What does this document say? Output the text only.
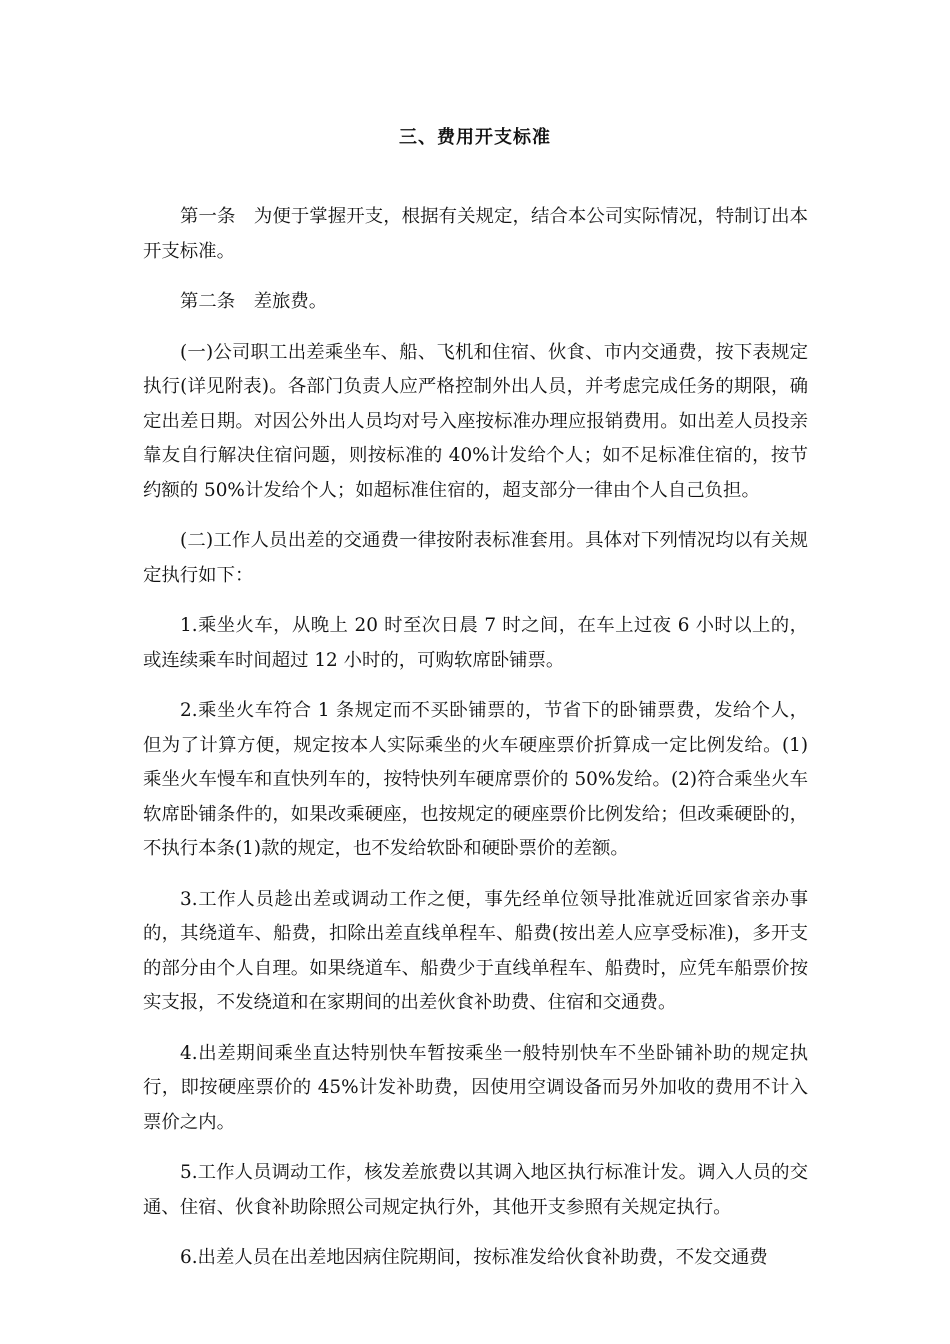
三、费用开支标准

第一条　为便于掌握开支，根据有关规定，结合本公司实际情况，特制订出本开支标准。

第二条　差旅费。

(一)公司职工出差乘坐车、船、飞机和住宿、伙食、市内交通费，按下表规定执行(详见附表)。各部门负责人应严格控制外出人员，并考虑完成任务的期限，确定出差日期。对因公外出人员均对号入座按标准办理应报销费用。如出差人员投亲靠友自行解决住宿问题，则按标准的 40%计发给个人；如不足标准住宿的，按节约额的 50%计发给个人；如超标准住宿的，超支部分一律由个人自己负担。

(二)工作人员出差的交通费一律按附表标准套用。具体对下列情况均以有关规定执行如下：

1.乘坐火车，从晚上 20 时至次日晨 7 时之间，在车上过夜 6 小时以上的，或连续乘车时间超过 12 小时的，可购软席卧铺票。

2.乘坐火车符合 1 条规定而不买卧铺票的，节省下的卧铺票费，发给个人，但为了计算方便，规定按本人实际乘坐的火车硬座票价折算成一定比例发给。(1)乘坐火车慢车和直快列车的，按特快列车硬席票价的 50%发给。(2)符合乘坐火车软席卧铺条件的，如果改乘硬座，也按规定的硬座票价比例发给；但改乘硬卧的，不执行本条(1)款的规定，也不发给软卧和硬卧票价的差额。

3.工作人员趁出差或调动工作之便，事先经单位领导批准就近回家省亲办事的，其绕道车、船费，扣除出差直线单程车、船费(按出差人应享受标准)，多开支的部分由个人自理。如果绕道车、船费少于直线单程车、船费时，应凭车船票价按实支报，不发绕道和在家期间的出差伙食补助费、住宿和交通费。

4.出差期间乘坐直达特别快车暂按乘坐一般特别快车不坐卧铺补助的规定执行，即按硬座票价的 45%计发补助费，因使用空调设备而另外加收的费用不计入票价之内。

5.工作人员调动工作，核发差旅费以其调入地区执行标准计发。调入人员的交通、住宿、伙食补助除照公司规定执行外，其他开支参照有关规定执行。

6.出差人员在出差地因病住院期间，按标准发给伙食补助费，不发交通费
